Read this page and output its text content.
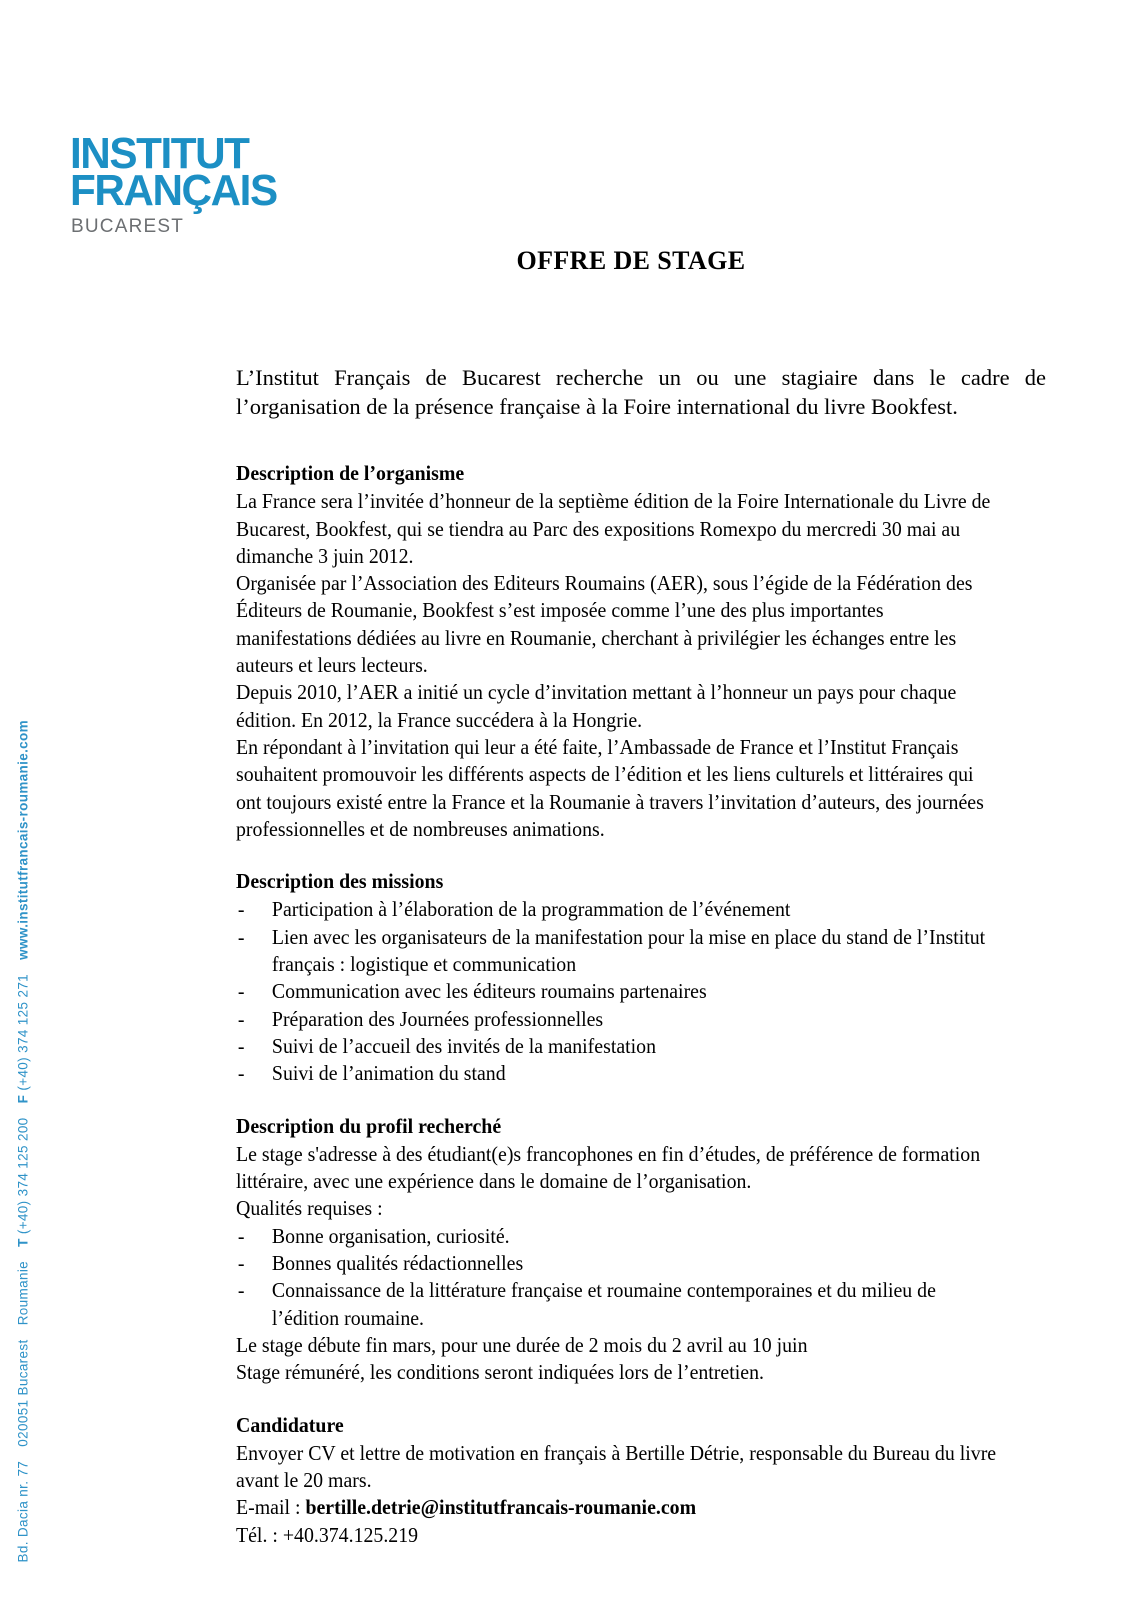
INSTITUT
FRANÇAIS
BUCAREST
Bd. Dacia nr. 77 020051 Bucarest Roumanie T (+40) 374 125 200 F (+40) 374 125 271 www.institutfrancais-roumanie.com
OFFRE DE STAGE

L’Institut Français de Bucarest recherche un ou une stagiaire dans le cadre de l’organisation de la présence française à la Foire international du livre Bookfest.

Description de l’organisme

La France sera l’invitée d’honneur de la septième édition de la Foire Internationale du Livre de Bucarest, Bookfest, qui se tiendra au Parc des expositions Romexpo du mercredi 30 mai au dimanche 3 juin 2012.

Organisée par l’Association des Editeurs Roumains (AER), sous l’égide de la Fédération des Éditeurs de Roumanie, Bookfest s’est imposée comme l’une des plus importantes manifestations dédiées au livre en Roumanie, cherchant à privilégier les échanges entre les auteurs et leurs lecteurs.

Depuis 2010, l’AER a initié un cycle d’invitation mettant à l’honneur un pays pour chaque édition. En 2012, la France succédera à la Hongrie.

En répondant à l’invitation qui leur a été faite, l’Ambassade de France et l’Institut Français souhaitent promouvoir les différents aspects de l’édition et les liens culturels et littéraires qui ont toujours existé entre la France et la Roumanie à travers l’invitation d’auteurs, des journées professionnelles et de nombreuses animations.

Description des missions
- Participation à l’élaboration de la programmation de l’événement
- Lien avec les organisateurs de la manifestation pour la mise en place du stand de l’Institut français : logistique et communication
- Communication avec les éditeurs roumains partenaires
- Préparation des Journées professionnelles
- Suivi de l’accueil des invités de la manifestation
- Suivi de l’animation du stand
Description du profil recherché

Le stage s'adresse à des étudiant(e)s francophones en fin d’études, de préférence de formation littéraire, avec une expérience dans le domaine de l’organisation.

Qualités requises :

- Bonne organisation, curiosité.
- Bonnes qualités rédactionnelles
- Connaissance de la littérature française et roumaine contemporaines et du milieu de l’édition roumaine.

Le stage débute fin mars, pour une durée de 2 mois du 2 avril au 10 juin

Stage rémunéré, les conditions seront indiquées lors de l’entretien.

Candidature

Envoyer CV et lettre de motivation en français à Bertille Détrie, responsable du Bureau du livre avant le 20 mars.

E-mail : bertille.detrie@institutfrancais-roumanie.com

Tél. : +40.374.125.219
